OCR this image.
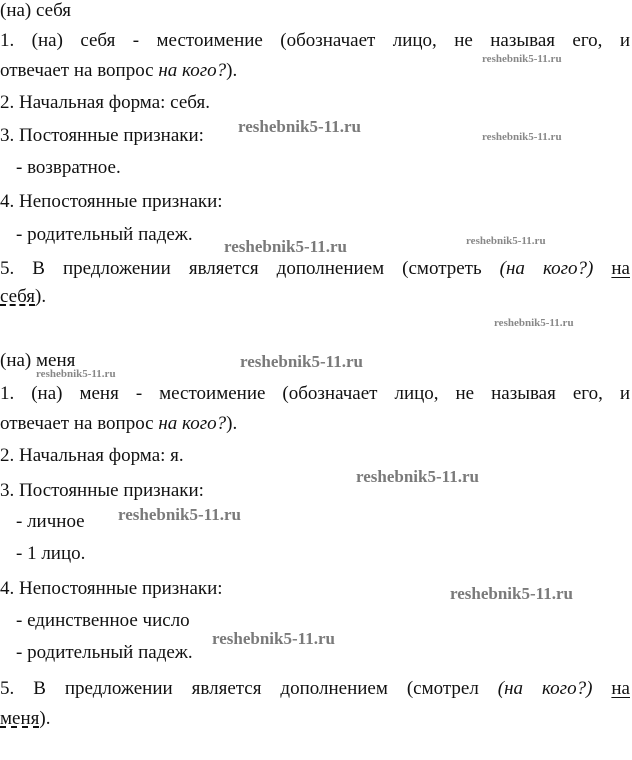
(на) себя
1. (на) себя - местоимение (обозначает лицо, не называя его, и
отвечает на вопрос на кого?).
2. Начальная форма: себя.
3. Постоянные признаки:
- возвратное.
4. Непостоянные признаки:
- родительный падеж.
5. В предложении является дополнением (смотреть (на кого?) на
себя).
(на) меня
1. (на) меня - местоимение (обозначает лицо, не называя его, и
отвечает на вопрос на кого?).
2. Начальная форма: я.
3. Постоянные признаки:
- личное
- 1 лицо.
4. Непостоянные признаки:
- единственное число
- родительный падеж.
5. В предложении является дополнением (смотрел (на кого?) на
меня).
reshebnik5-11.ru
reshebnik5-11.ru
reshebnik5-11.ru
reshebnik5-11.ru	reshebnik5-11.ru
reshebnik5-11.ru
reshebnik5-11.ru
reshebnik5-11.ru
reshebnik5-11.ru
reshebnik5-11.ru
reshebnik5-11.ru
reshebnik5-11.ru
